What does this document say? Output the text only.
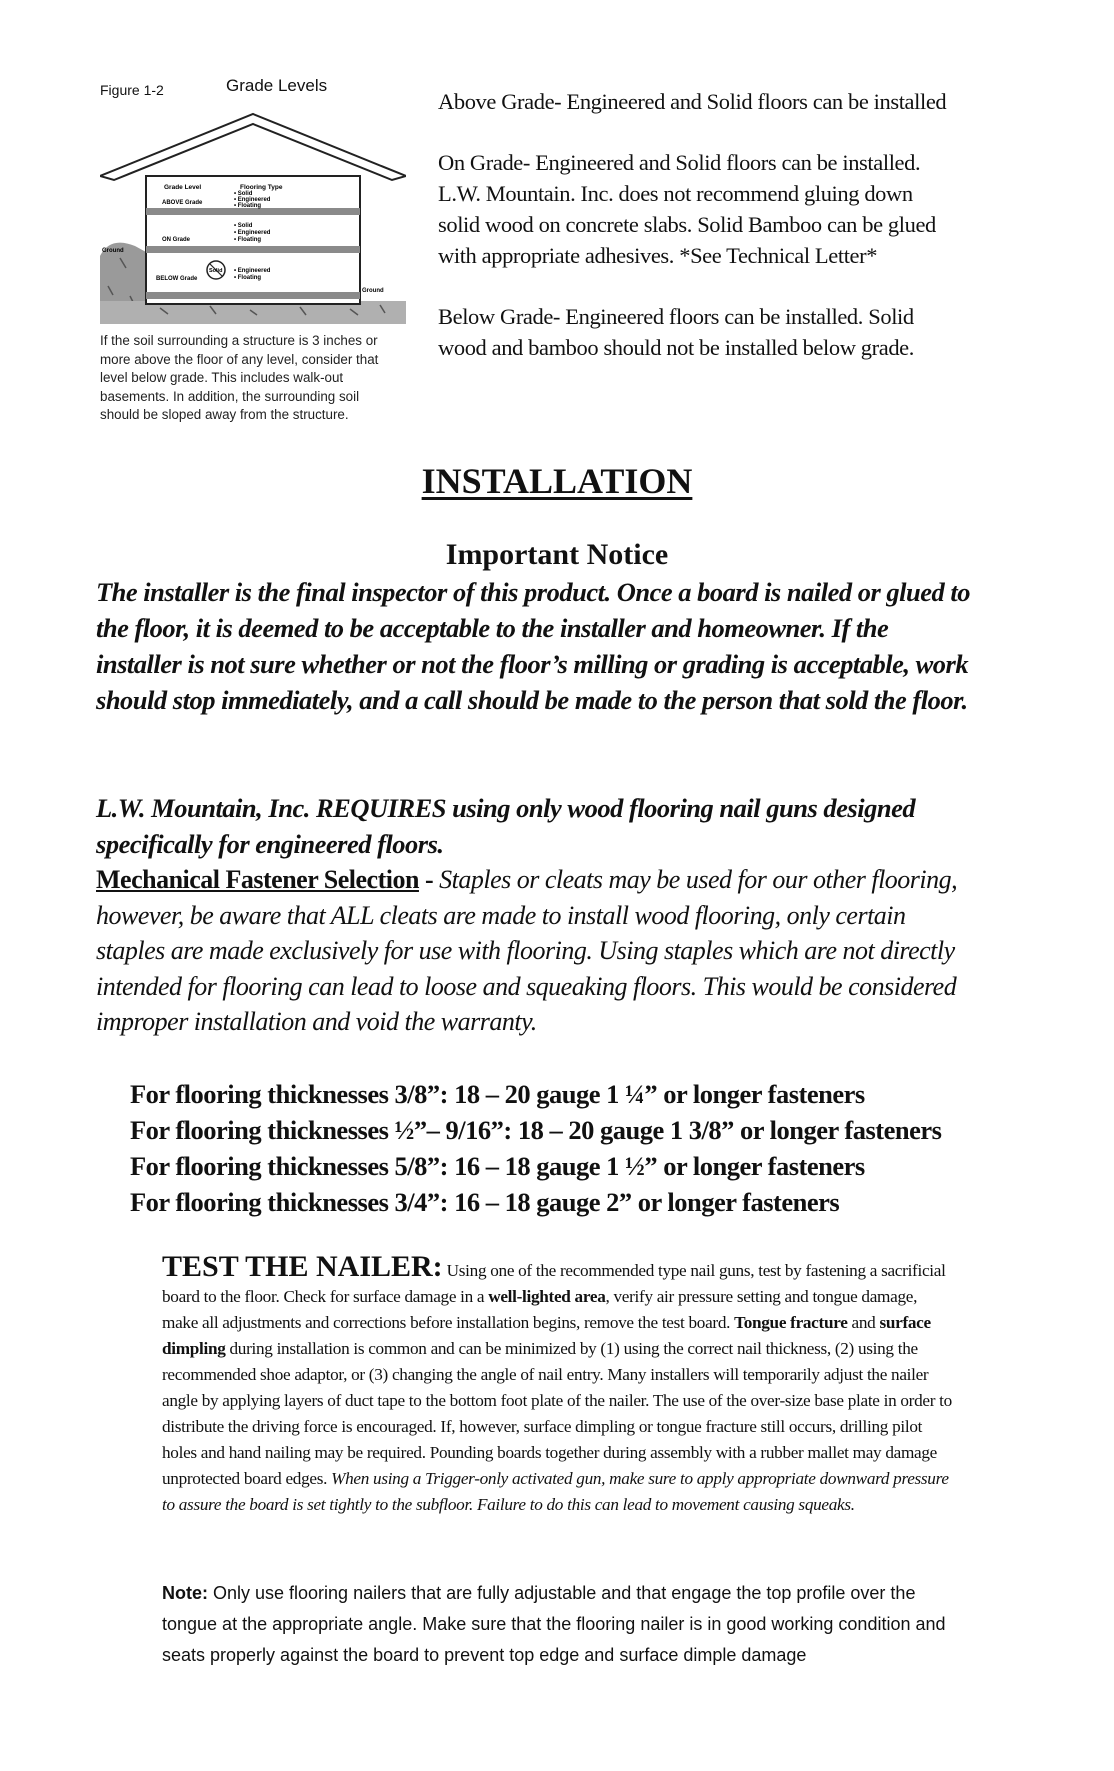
Figure 1-2	Grade Levels
Grade Level	Flooring Type
ABOVE Grade
• Solid
• Engineered
• Floating
ON Grade
• Solid
• Engineered
• Floating
BELOW Grade
Solid • Engineered
• Floating
Ground
Ground
If the soil surrounding a structure is 3 inches or more above the floor of any level, consider that level below grade. This includes walk-out basements. In addition, the surrounding soil should be sloped away from the structure.

Above Grade- Engineered and Solid floors can be installed

On Grade- Engineered and Solid floors can be installed. L.W. Mountain. Inc. does not recommend gluing down solid wood on concrete slabs. Solid Bamboo can be glued with appropriate adhesives. *See Technical Letter*

Below Grade- Engineered floors can be installed. Solid wood and bamboo should not be installed below grade.

INSTALLATION
Important Notice
The installer is the final inspector of this product. Once a board is nailed or glued to the floor, it is deemed to be acceptable to the installer and homeowner. If the installer is not sure whether or not the floor’s milling or grading is acceptable, work should stop immediately, and a call should be made to the person that sold the floor.
L.W. Mountain, Inc. REQUIRES using only wood flooring nail guns designed specifically for engineered floors.
Mechanical Fastener Selection - Staples or cleats may be used for our other flooring, however, be aware that ALL cleats are made to install wood flooring, only certain staples are made exclusively for use with flooring. Using staples which are not directly intended for flooring can lead to loose and squeaking floors. This would be considered improper installation and void the warranty.
For flooring thicknesses 3/8”: 18 – 20 gauge 1 ¼” or longer fasteners
For flooring thicknesses ½”– 9/16”: 18 – 20 gauge 1 3/8” or longer fasteners
For flooring thicknesses 5/8”: 16 – 18 gauge 1 ½” or longer fasteners
For flooring thicknesses 3/4”: 16 – 18 gauge 2” or longer fasteners
TEST THE NAILER: Using one of the recommended type nail guns, test by fastening a sacrificial board to the floor. Check for surface damage in a well-lighted area, verify air pressure setting and tongue damage, make all adjustments and corrections before installation begins, remove the test board. Tongue fracture and surface dimpling during installation is common and can be minimized by (1) using the correct nail thickness, (2) using the recommended shoe adaptor, or (3) changing the angle of nail entry. Many installers will temporarily adjust the nailer angle by applying layers of duct tape to the bottom foot plate of the nailer. The use of the over-size base plate in order to distribute the driving force is encouraged. If, however, surface dimpling or tongue fracture still occurs, drilling pilot holes and hand nailing may be required. Pounding boards together during assembly with a rubber mallet may damage unprotected board edges. When using a Trigger-only activated gun, make sure to apply appropriate downward pressure to assure the board is set tightly to the subfloor. Failure to do this can lead to movement causing squeaks.
Note: Only use flooring nailers that are fully adjustable and that engage the top profile over the tongue at the appropriate angle. Make sure that the flooring nailer is in good working condition and seats properly against the board to prevent top edge and surface dimple damage
